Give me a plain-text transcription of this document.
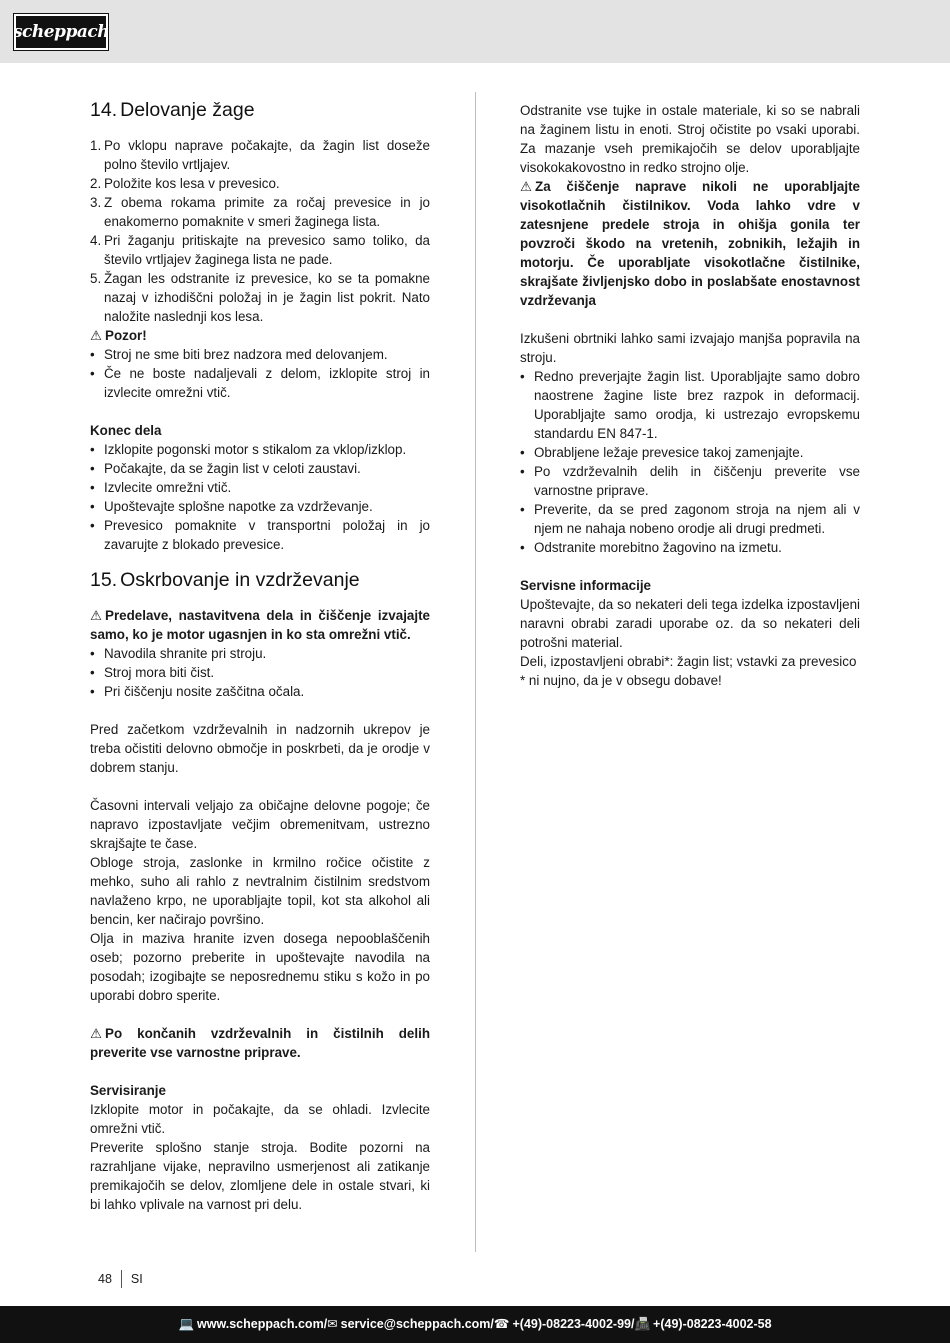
scheppach
14. Delovanje žage
1. Po vklopu naprave počakajte, da žagin list doseže polno število vrtljajev.
2. Položite kos lesa v prevesico.
3. Z obema rokama primite za ročaj prevesice in jo enakomerno pomaknite v smeri žaginega lista.
4. Pri žaganju pritiskajte na prevesico samo toliko, da število vrtljajev žaginega lista ne pade.
5. Žagan les odstranite iz prevesice, ko se ta pomakne nazaj v izhodiščni položaj in je žagin list pokrit. Nato naložite naslednji kos lesa.

⚠ Pozor!

• Stroj ne sme biti brez nadzora med delovanjem.
• Če ne boste nadaljevali z delom, izklopite stroj in izvlecite omrežni vtič.

Konec dela

• Izklopite pogonski motor s stikalom za vklop/izklop.
• Počakajte, da se žagin list v celoti zaustavi.
• Izvlecite omrežni vtič.
• Upoštevajte splošne napotke za vzdrževanje.
• Prevesico pomaknite v transportni položaj in jo zavarujte z blokado prevesice.
15. Oskrbovanje in vzdrževanje

⚠ Predelave, nastavitvena dela in čiščenje izvajajte samo, ko je motor ugasnjen in ko sta omrežni vtič.

• Navodila shranite pri stroju.
• Stroj mora biti čist.
• Pri čiščenju nosite zaščitna očala.

Pred začetkom vzdrževalnih in nadzornih ukrepov je treba očistiti delovno območje in poskrbeti, da je orodje v dobrem stanju.

Časovni intervali veljajo za običajne delovne pogoje; če napravo izpostavljate večjim obremenitvam, ustrezno skrajšajte te čase.

Obloge stroja, zaslonke in krmilno ročice očistite z mehko, suho ali rahlo z nevtralnim čistilnim sredstvom navlaženo krpo, ne uporabljajte topil, kot sta alkohol ali bencin, ker načirajo površino.

Olja in maziva hranite izven dosega nepooblaščenih oseb; pozorno preberite in upoštevajte navodila na posodah; izogibajte se neposrednemu stiku s kožo in po uporabi dobro sperite.

⚠ Po končanih vzdrževalnih in čistilnih delih preverite vse varnostne priprave.

Servisiranje

Izklopite motor in počakajte, da se ohladi. Izvlecite omrežni vtič.

Preverite splošno stanje stroja. Bodite pozorni na razrahljane vijake, nepravilno usmerjenost ali zatikanje premikajočih se delov, zlomljene dele in ostale stvari, ki bi lahko vplivale na varnost pri delu.

Odstranite vse tujke in ostale materiale, ki so se nabrali na žaginem listu in enoti. Stroj očistite po vsaki uporabi. Za mazanje vseh premikajočih se delov uporabljajte visokokakovostno in redko strojno olje.

⚠ Za čiščenje naprave nikoli ne uporabljajte visokotlačnih čistilnikov. Voda lahko vdre v zatesnjene predele stroja in ohišja gonila ter povzroči škodo na vretenih, zobnikih, ležajih in motorju. Če uporabljate visokotlačne čistilnike, skrajšate življenjsko dobo in poslabšate enostavnost vzdrževanja

Izkušeni obrtniki lahko sami izvajajo manjša popravila na stroju.

• Redno preverjajte žagin list. Uporabljajte samo dobro naostrene žagine liste brez razpok in deformacij. Uporabljajte samo orodja, ki ustrezajo evropskemu standardu EN 847-1.
• Obrabljene ležaje prevesice takoj zamenjajte.
• Po vzdrževalnih delih in čiščenju preverite vse varnostne priprave.
• Preverite, da se pred zagonom stroja na njem ali v njem ne nahaja nobeno orodje ali drugi predmeti.
• Odstranite morebitno žagovino na izmetu.

Servisne informacije

Upoštevajte, da so nekateri deli tega izdelka izpostavljeni naravni obrabi zaradi uporabe oz. da so nekateri deli potrošni material.

Deli, izpostavljeni obrabi*: žagin list; vstavki za prevesico

* ni nujno, da je v obsegu dobave!

48 SI
💻 www.scheppach.com / ✉ service@scheppach.com / ☎ +(49)-08223-4002-99 / 📠 +(49)-08223-4002-58
